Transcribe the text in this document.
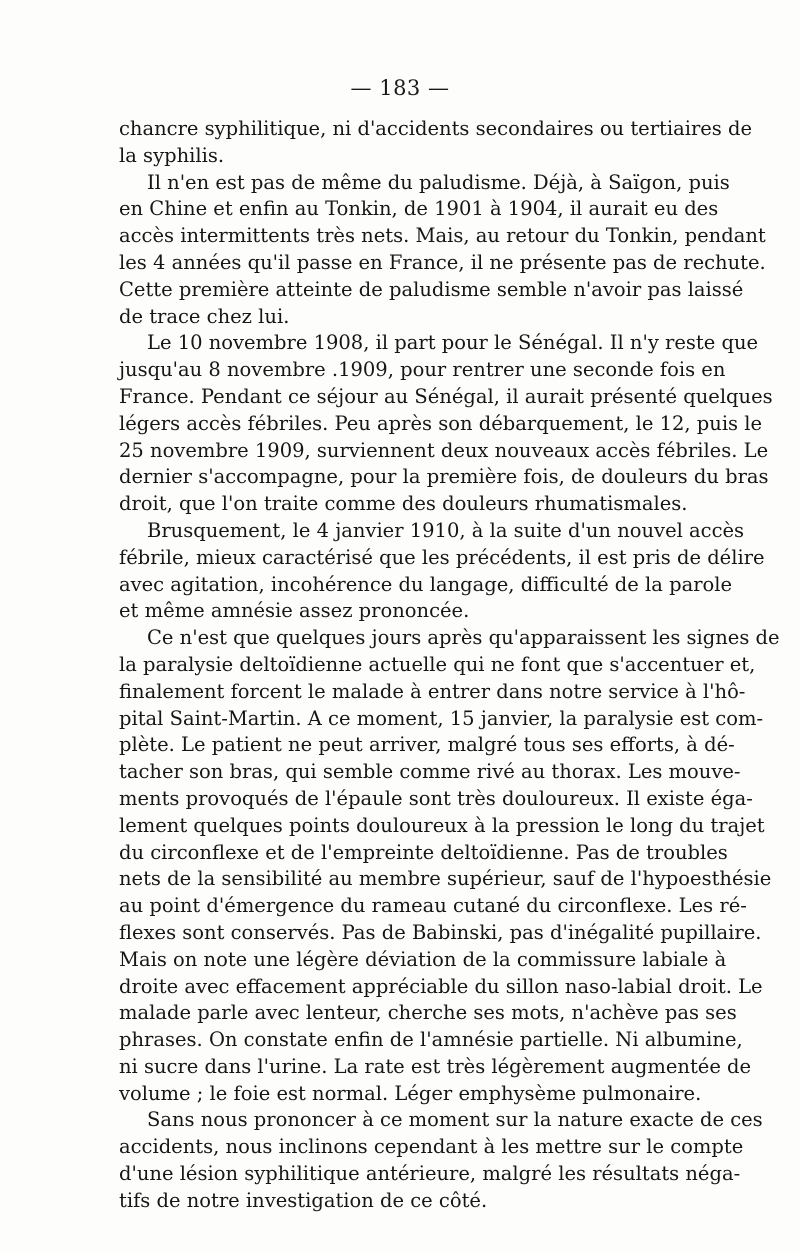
— 183 —
chancre syphilitique, ni d'accidents secondaires ou tertiaires de
la syphilis.
Il n'en est pas de même du paludisme. Déjà, à Saïgon, puis
en Chine et enfin au Tonkin, de 1901 à 1904, il aurait eu des
accès intermittents très nets. Mais, au retour du Tonkin, pendant
les 4 années qu'il passe en France, il ne présente pas de rechute.
Cette première atteinte de paludisme semble n'avoir pas laissé
de trace chez lui.
Le 10 novembre 1908, il part pour le Sénégal. Il n'y reste que
jusqu'au 8 novembre .1909, pour rentrer une seconde fois en
France. Pendant ce séjour au Sénégal, il aurait présenté quelques
légers accès fébriles. Peu après son débarquement, le 12, puis le
25 novembre 1909, surviennent deux nouveaux accès fébriles. Le
dernier s'accompagne, pour la première fois, de douleurs du bras
droit, que l'on traite comme des douleurs rhumatismales.
Brusquement, le 4 janvier 1910, à la suite d'un nouvel accès
fébrile, mieux caractérisé que les précédents, il est pris de délire
avec agitation, incohérence du langage, difficulté de la parole
et même amnésie assez prononcée.
Ce n'est que quelques jours après qu'apparaissent les signes de
la paralysie deltoïdienne actuelle qui ne font que s'accentuer et,
finalement forcent le malade à entrer dans notre service à l'hô-
pital Saint-Martin. A ce moment, 15 janvier, la paralysie est com-
plète. Le patient ne peut arriver, malgré tous ses efforts, à dé-
tacher son bras, qui semble comme rivé au thorax. Les mouve-
ments provoqués de l'épaule sont très douloureux. Il existe éga-
lement quelques points douloureux à la pression le long du trajet
du circonflexe et de l'empreinte deltoïdienne. Pas de troubles
nets de la sensibilité au membre supérieur, sauf de l'hypoesthésie
au point d'émergence du rameau cutané du circonflexe. Les ré-
flexes sont conservés. Pas de Babinski, pas d'inégalité pupillaire.
Mais on note une légère déviation de la commissure labiale à
droite avec effacement appréciable du sillon naso-labial droit. Le
malade parle avec lenteur, cherche ses mots, n'achève pas ses
phrases. On constate enfin de l'amnésie partielle. Ni albumine,
ni sucre dans l'urine. La rate est très légèrement augmentée de
volume ; le foie est normal. Léger emphysème pulmonaire.
Sans nous prononcer à ce moment sur la nature exacte de ces
accidents, nous inclinons cependant à les mettre sur le compte
d'une lésion syphilitique antérieure, malgré les résultats néga-
tifs de notre investigation de ce côté.
